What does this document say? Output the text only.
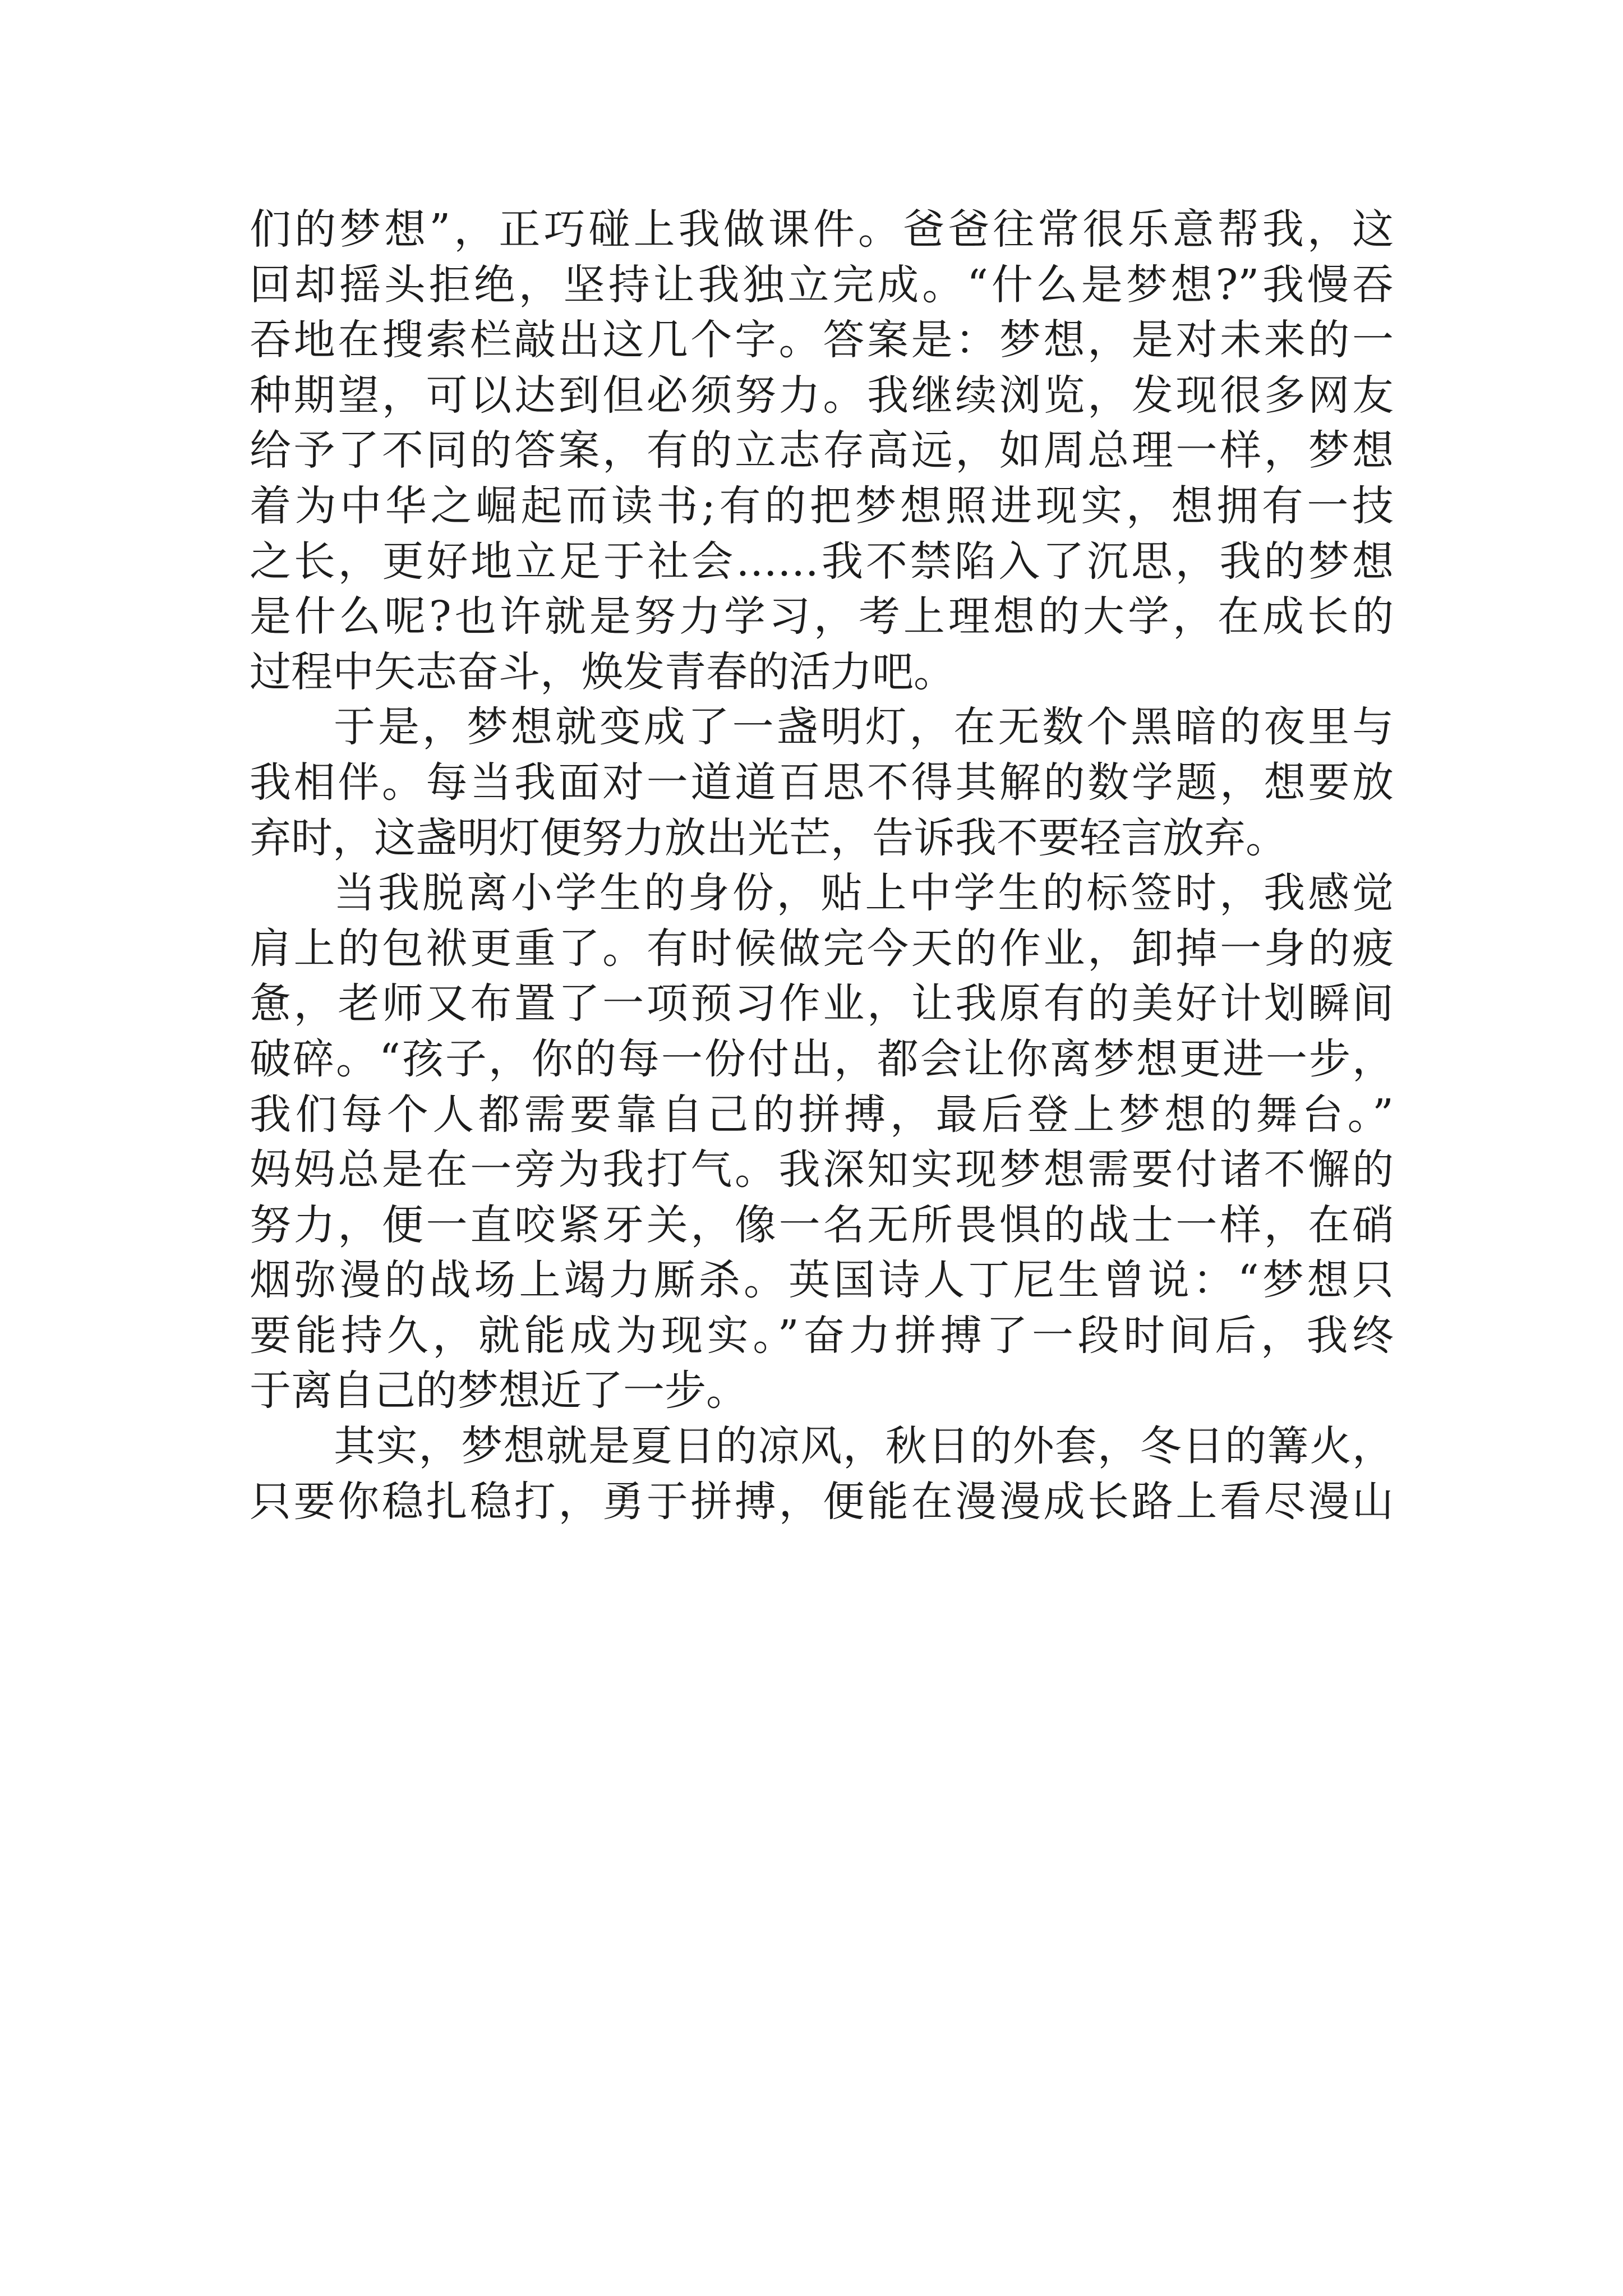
们的梦想”，正巧碰上我做课件。爸爸往常很乐意帮我，这
回却摇头拒绝，坚持让我独立完成。“什么是梦想?”我慢吞
吞地在搜索栏敲出这几个字。答案是：梦想，是对未来的一
种期望，可以达到但必须努力。我继续浏览，发现很多网友
给予了不同的答案，有的立志存高远，如周总理一样，梦想
着为中华之崛起而读书;有的把梦想照进现实，想拥有一技
之长，更好地立足于社会……我不禁陷入了沉思，我的梦想
是什么呢?也许就是努力学习，考上理想的大学，在成长的
过程中矢志奋斗，焕发青春的活力吧。
于是，梦想就变成了一盏明灯，在无数个黑暗的夜里与
我相伴。每当我面对一道道百思不得其解的数学题，想要放
弃时，这盏明灯便努力放出光芒，告诉我不要轻言放弃。
当我脱离小学生的身份，贴上中学生的标签时，我感觉
肩上的包袱更重了。有时候做完今天的作业，卸掉一身的疲
惫，老师又布置了一项预习作业，让我原有的美好计划瞬间
破碎。“孩子，你的每一份付出，都会让你离梦想更进一步，
我们每个人都需要靠自己的拼搏，最后登上梦想的舞台。”
妈妈总是在一旁为我打气。我深知实现梦想需要付诸不懈的
努力，便一直咬紧牙关，像一名无所畏惧的战士一样，在硝
烟弥漫的战场上竭力厮杀。英国诗人丁尼生曾说：“梦想只
要能持久，就能成为现实。”奋力拼搏了一段时间后，我终
于离自己的梦想近了一步。
其实，梦想就是夏日的凉风，秋日的外套，冬日的篝火，
只要你稳扎稳打，勇于拼搏，便能在漫漫成长路上看尽漫山
